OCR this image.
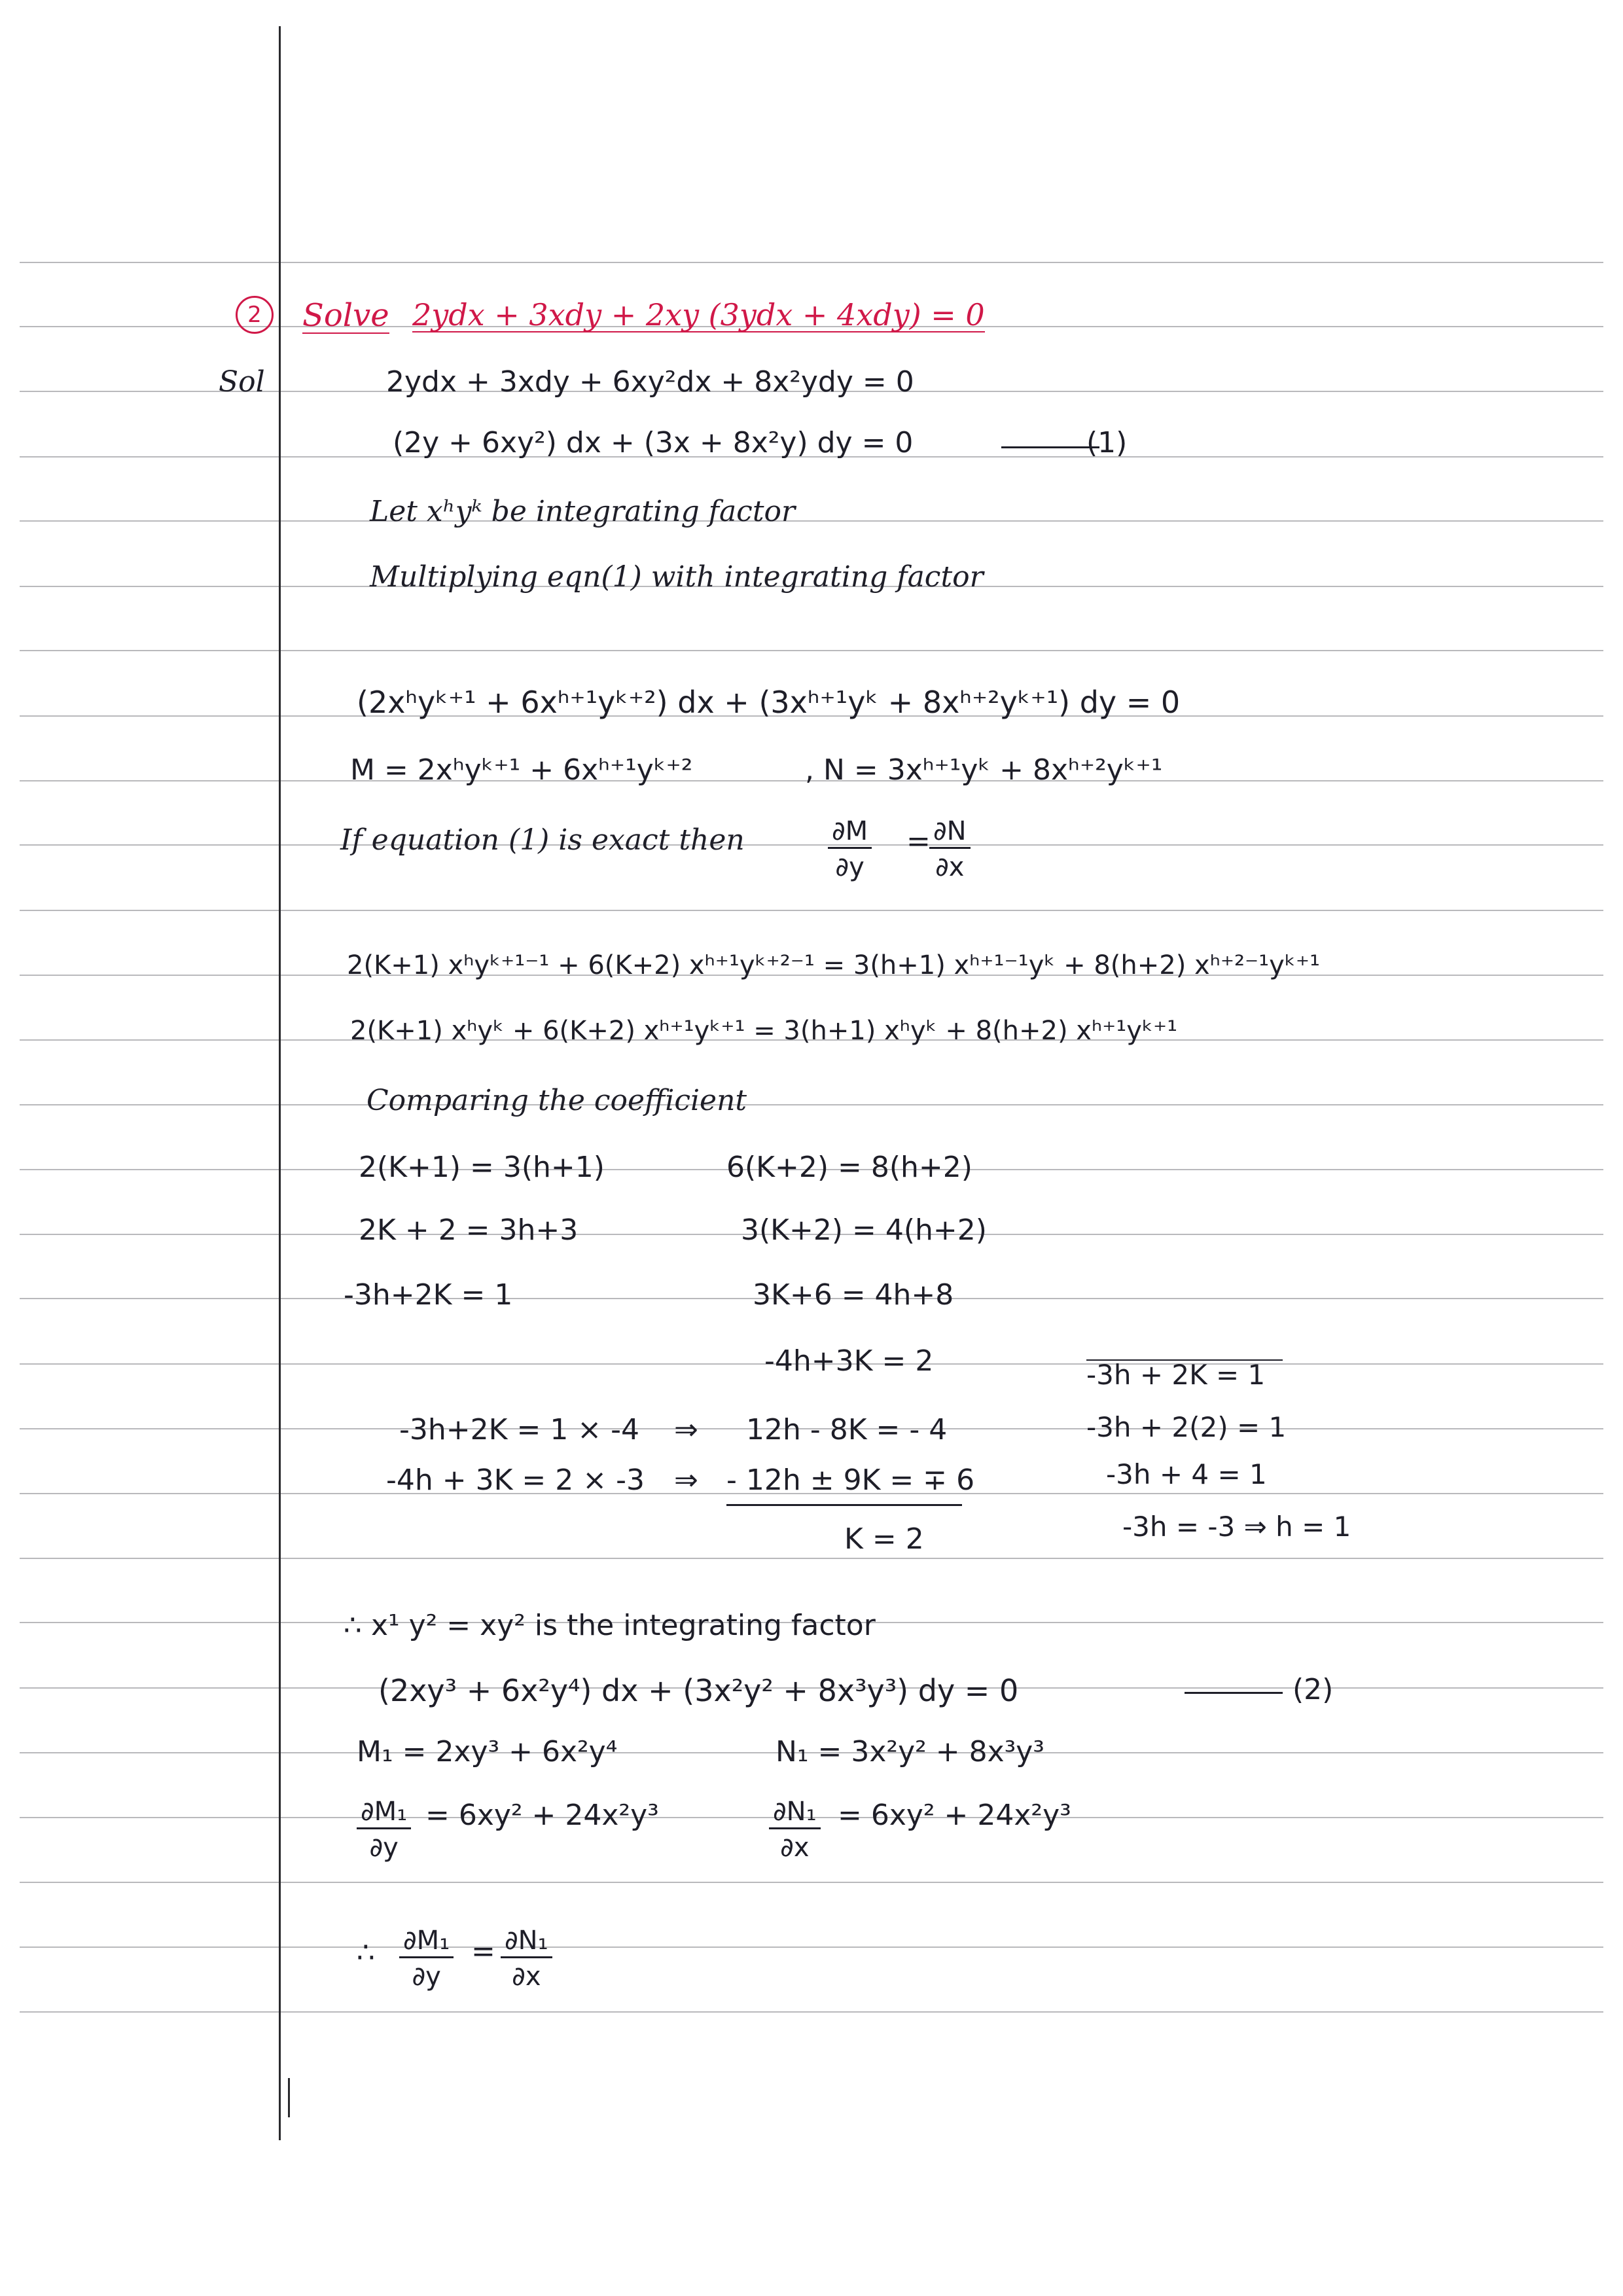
2	Solve 2ydx + 3xdy + 2xy (3ydx + 4xdy) = 0
Sol	2ydx + 3xdy + 6xy²dx + 8x²ydy = 0
(2y + 6xy²) dx + (3x + 8x²y) dy = 0	(1)
Let xʰyᵏ be integrating factor
Multiplying eqn(1) with integrating factor
(2xʰyᵏ⁺¹ + 6xʰ⁺¹yᵏ⁺²) dx + (3xʰ⁺¹yᵏ + 8xʰ⁺²yᵏ⁺¹) dy = 0
M = 2xʰyᵏ⁺¹ + 6xʰ⁺¹yᵏ⁺²	, N = 3xʰ⁺¹yᵏ + 8xʰ⁺²yᵏ⁺¹
If equation (1) is exact then	$\frac{\partial M}{\partial y}$ =
$\frac{\partial N}{\partial x}$
2(K+1) xʰyᵏ⁺¹⁻¹ + 6(K+2) xʰ⁺¹yᵏ⁺²⁻¹ = 3(h+1) xʰ⁺¹⁻¹yᵏ + 8(h+2) xʰ⁺²⁻¹yᵏ⁺¹
2(K+1) xʰyᵏ + 6(K+2) xʰ⁺¹yᵏ⁺¹ = 3(h+1) xʰyᵏ + 8(h+2) xʰ⁺¹yᵏ⁺¹
Comparing the coefficient
2(K+1) = 3(h+1)	6(K+2) = 8(h+2)
2K + 2 = 3h+3	3(K+2) = 4(h+2)
-3h+2K = 1	3K+6 = 4h+8
-4h+3K = 2
-3h+2K = 1 × -4 ⇒ 12h - 8K = - 4
-4h + 3K = 2 × -3 ⇒ - 12h ± 9K = ∓ 6
K = 2
-3h + 2K = 1
-3h + 2(2) = 1
-3h + 4 = 1
-3h = -3 ⇒ h = 1
∴ x¹ y² = xy² is the integrating factor
(2xy³ + 6x²y⁴) dx + (3x²y² + 8x³y³) dy = 0	(2)
M₁ = 2xy³ + 6x²y⁴	N₁ = 3x²y² + 8x³y³
$\frac{\text{∂M₁}}{\partial y} = 6xy^2 + 24x^2y^3$	$\frac{\text{∂N₁}}{\partial x} = 6xy^2 + 24x^2y^3$
∴ $\frac{\text{∂M₁}}{\partial y} = \frac{\text{∂N₁}}{\partial x}$
